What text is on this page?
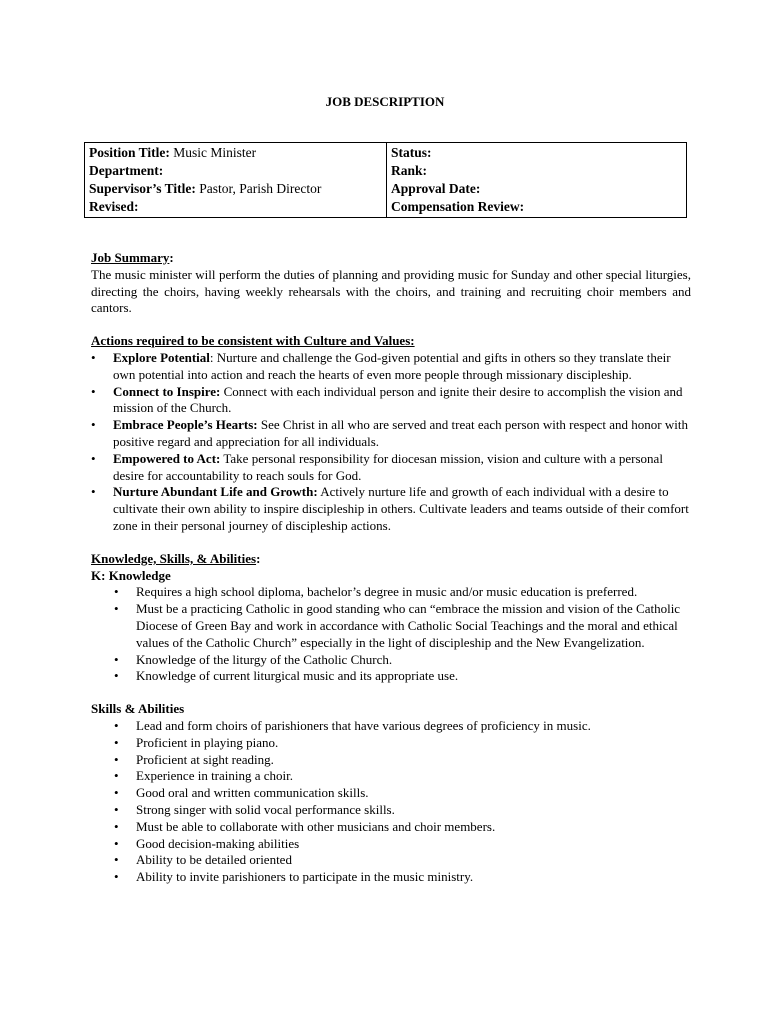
JOB DESCRIPTION
Position Title: Music Minister	Status:
Department:	Rank:
Supervisor’s Title: Pastor, Parish Director	Approval Date:
Revised:	Compensation Review:
Job Summary:

The music minister will perform the duties of planning and providing music for Sunday and other special liturgies, directing the choirs, having weekly rehearsals with the choirs, and training and recruiting choir members and cantors.

Actions required to be consistent with Culture and Values:
• Explore Potential: Nurture and challenge the God-given potential and gifts in others so they translate their own potential into action and reach the hearts of even more people through missionary discipleship.
• Connect to Inspire: Connect with each individual person and ignite their desire to accomplish the vision and mission of the Church.
• Embrace People’s Hearts: See Christ in all who are served and treat each person with respect and honor with positive regard and appreciation for all individuals.
• Empowered to Act: Take personal responsibility for diocesan mission, vision and culture with a personal desire for accountability to reach souls for God.
• Nurture Abundant Life and Growth: Actively nurture life and growth of each individual with a desire to cultivate their own ability to inspire discipleship in others. Cultivate leaders and teams outside of their comfort zone in their personal journey of discipleship actions.
Knowledge, Skills, & Abilities:
K: Knowledge
• Requires a high school diploma, bachelor’s degree in music and/or music education is preferred.
• Must be a practicing Catholic in good standing who can “embrace the mission and vision of the Catholic Diocese of Green Bay and work in accordance with Catholic Social Teachings and the moral and ethical values of the Catholic Church” especially in the light of discipleship and the New Evangelization.
• Knowledge of the liturgy of the Catholic Church.
• Knowledge of current liturgical music and its appropriate use.
Skills & Abilities
• Lead and form choirs of parishioners that have various degrees of proficiency in music.
• Proficient in playing piano.
• Proficient at sight reading.
• Experience in training a choir.
• Good oral and written communication skills.
• Strong singer with solid vocal performance skills.
• Must be able to collaborate with other musicians and choir members.
• Good decision-making abilities
• Ability to be detailed oriented
• Ability to invite parishioners to participate in the music ministry.
